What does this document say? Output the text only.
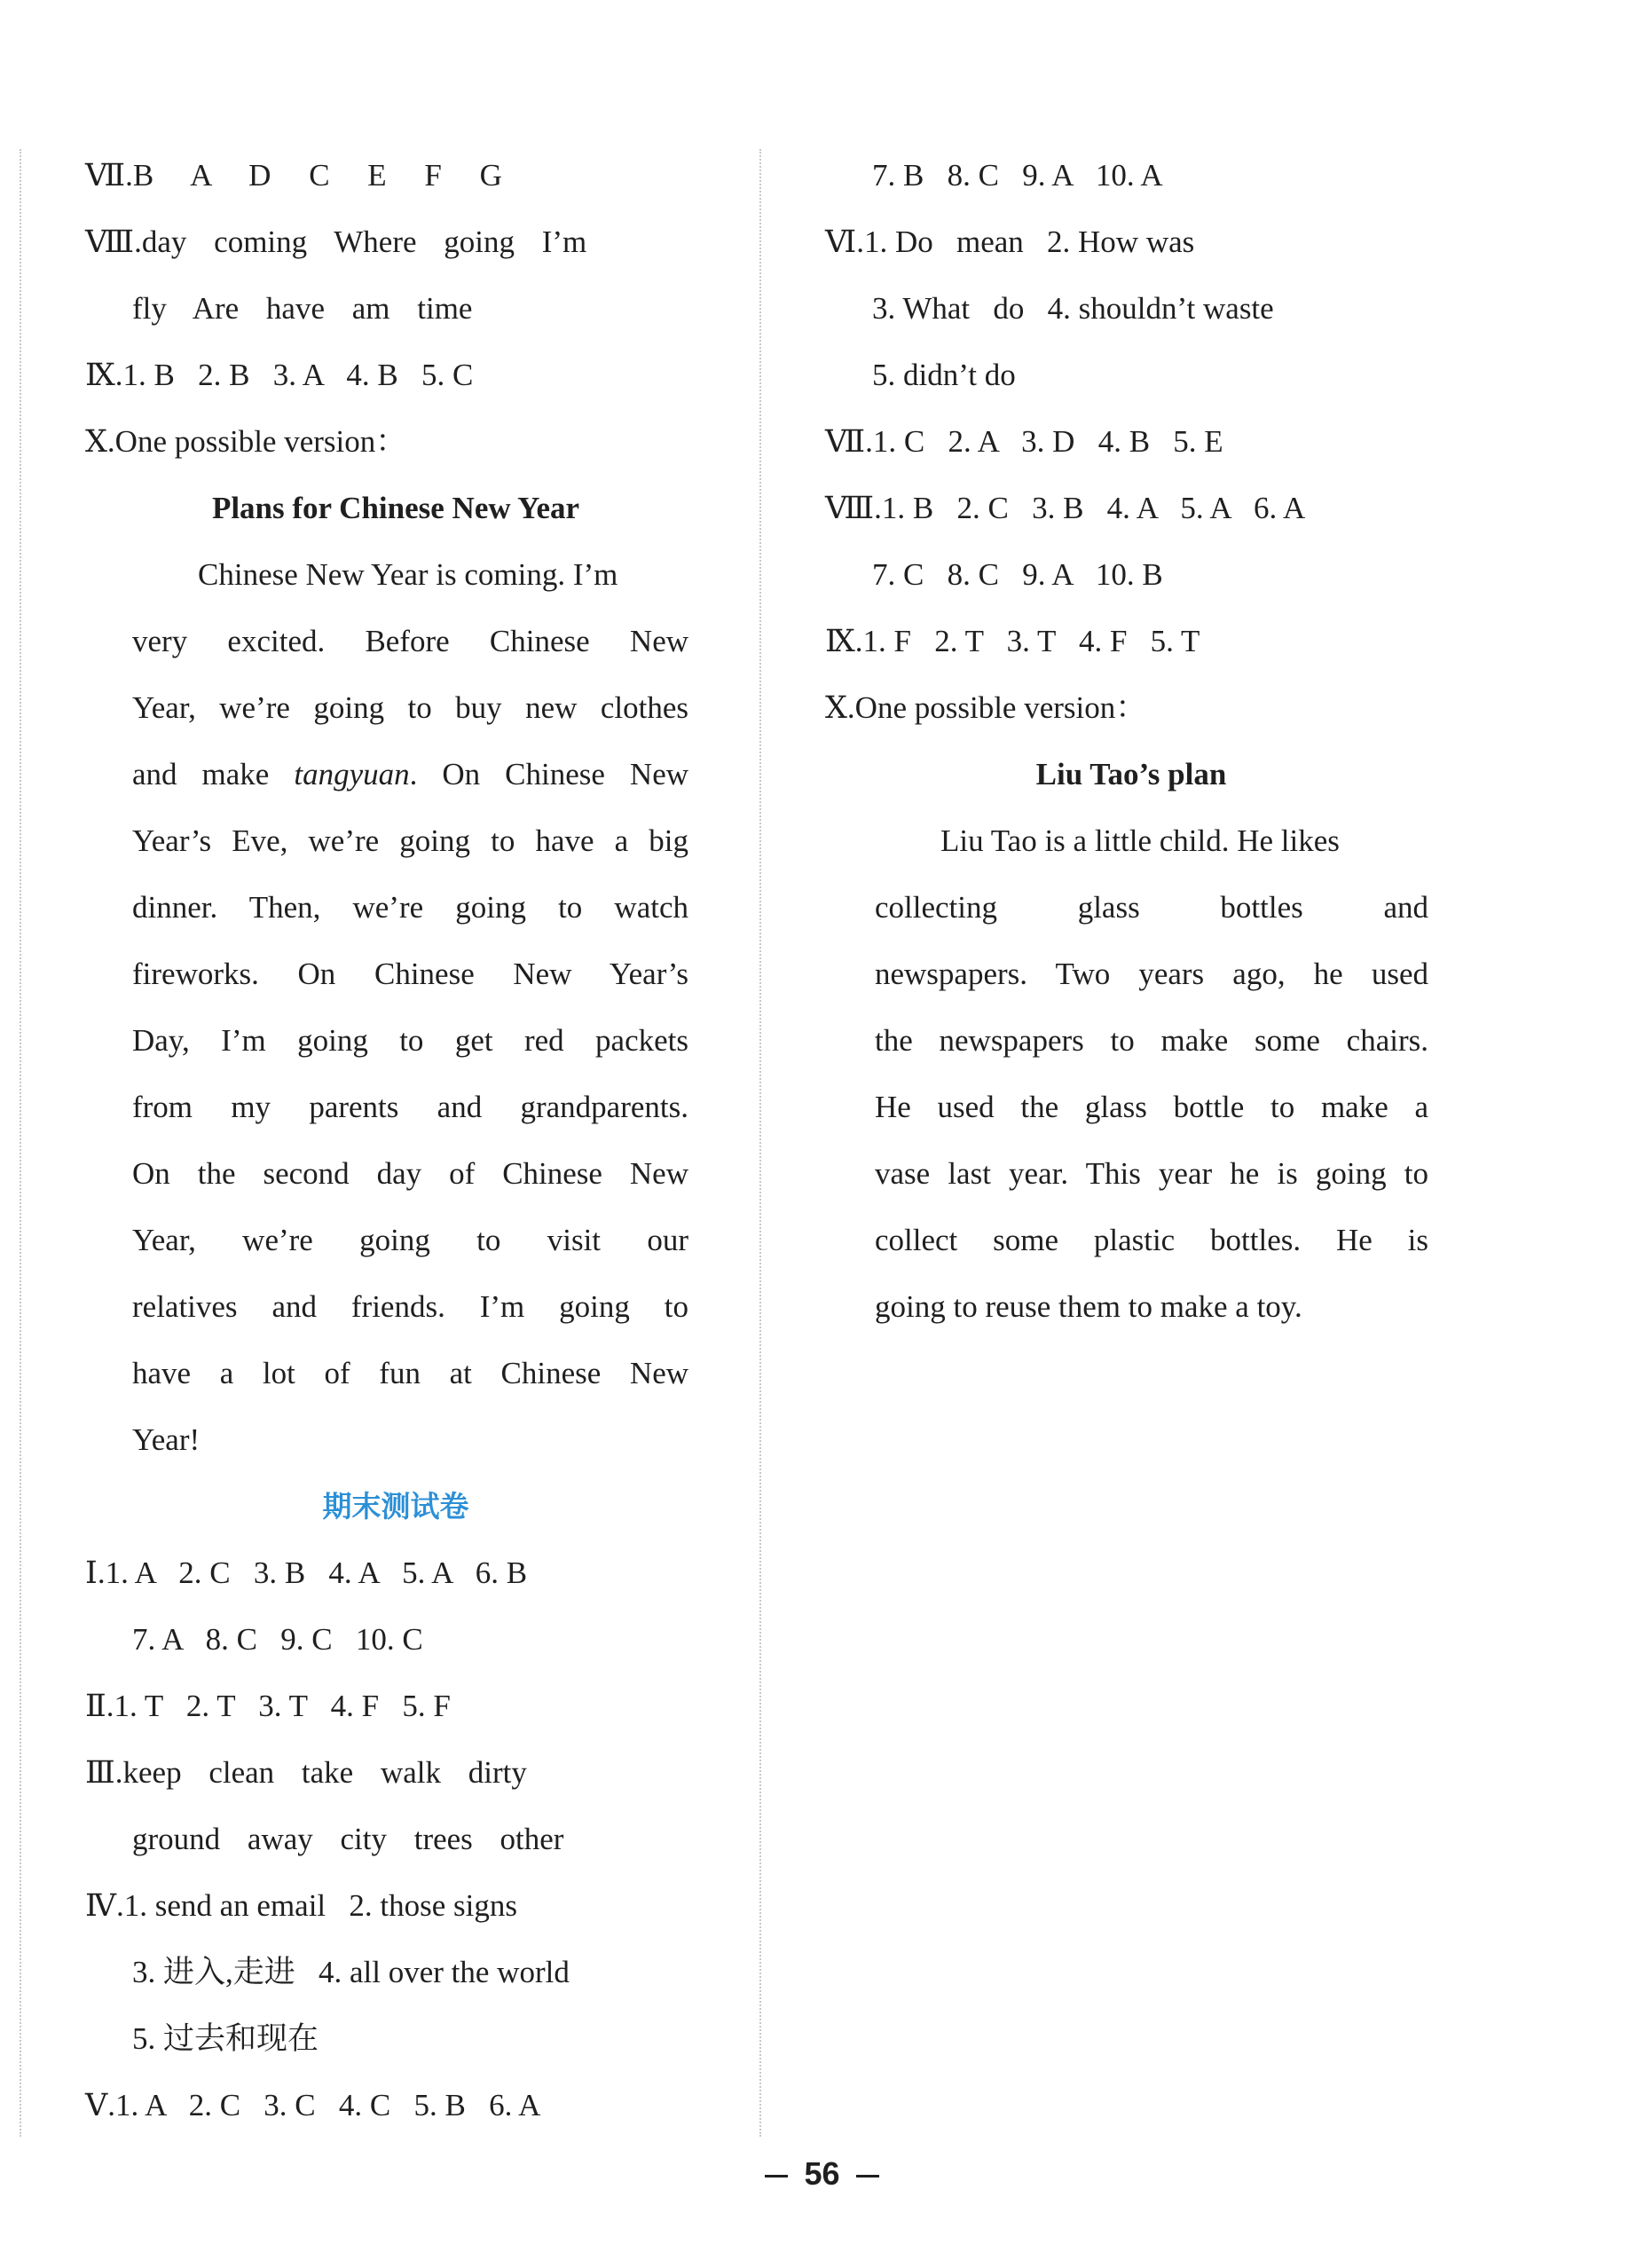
Ⅶ.B A D C E F G
Ⅷ.day coming Where going I’m
fly Are have am time
Ⅸ.1. B   2. B   3. A   4. B   5. C
Ⅹ.One possible version：
Plans for Chinese New Year
Chinese New Year is coming. I’m
very excited. Before Chinese New
Year, we’re going to buy new clothes
and make tangyuan. On Chinese New
Year’s Eve, we’re going to have a big
dinner. Then, we’re going to watch
fireworks. On Chinese New Year’s
Day, I’m going to get red packets
from my parents and grandparents.
On the second day of Chinese New
Year, we’re going to visit our
relatives and friends. I’m going to
have a lot of fun at Chinese New
Year!
期末测试卷
Ⅰ.1. A   2. C   3. B   4. A   5. A   6. B
7. A   8. C   9. C   10. C
Ⅱ.1. T   2. T   3. T   4. F   5. F
Ⅲ.keep clean take walk dirty
ground away city trees other
Ⅳ.1. send an email   2. those signs
3. 进入,走进   4. all over the world
5. 过去和现在
Ⅴ.1. A   2. C   3. C   4. C   5. B   6. A
7. B   8. C   9. A   10. A
Ⅵ.1. Do   mean   2. How was
3. What   do   4. shouldn’t waste
5. didn’t do
Ⅶ.1. C   2. A   3. D   4. B   5. E
Ⅷ.1. B   2. C   3. B   4. A   5. A   6. A
7. C   8. C   9. A   10. B
Ⅸ.1. F   2. T   3. T   4. F   5. T
Ⅹ.One possible version：
Liu Tao’s plan
Liu Tao is a little child. He likes
collecting glass bottles and
newspapers. Two years ago, he used
the newspapers to make some chairs.
He used the glass bottle to make a
vase last year. This year he is going to
collect some plastic bottles. He is
going to reuse them to make a toy.
56
